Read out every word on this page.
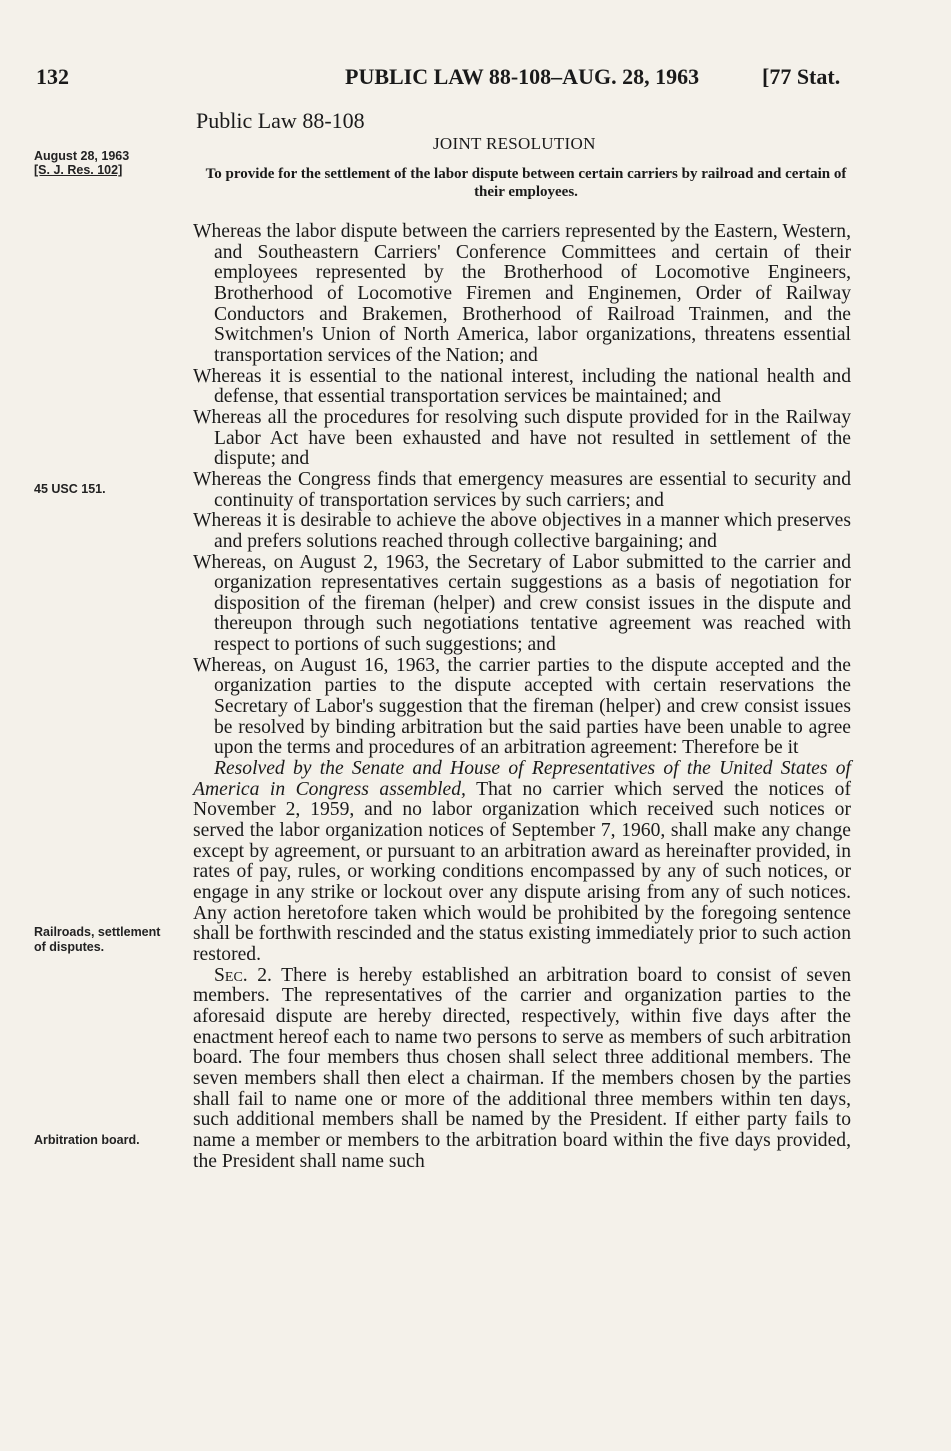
132	PUBLIC LAW 88-108–AUG. 28, 1963	[77 Stat.
Public Law 88-108
JOINT RESOLUTION
August 28, 1963
[S. J. Res. 102]
45 USC 151.
Railroads, settlement of disputes.
Arbitration board.
To provide for the settlement of the labor dispute between certain carriers by railroad and certain of their employees.

Whereas the labor dispute between the carriers represented by the Eastern, Western, and Southeastern Carriers' Conference Committees and certain of their employees represented by the Brotherhood of Locomotive Engineers, Brotherhood of Locomotive Firemen and Enginemen, Order of Railway Conductors and Brakemen, Brotherhood of Railroad Trainmen, and the Switchmen's Union of North America, labor organizations, threatens essential transportation services of the Nation; and

Whereas it is essential to the national interest, including the national health and defense, that essential transportation services be maintained; and

Whereas all the procedures for resolving such dispute provided for in the Railway Labor Act have been exhausted and have not resulted in settlement of the dispute; and

Whereas the Congress finds that emergency measures are essential to security and continuity of transportation services by such carriers; and

Whereas it is desirable to achieve the above objectives in a manner which preserves and prefers solutions reached through collective bargaining; and

Whereas, on August 2, 1963, the Secretary of Labor submitted to the carrier and organization representatives certain suggestions as a basis of negotiation for disposition of the fireman (helper) and crew consist issues in the dispute and thereupon through such negotiations tentative agreement was reached with respect to portions of such suggestions; and

Whereas, on August 16, 1963, the carrier parties to the dispute accepted and the organization parties to the dispute accepted with certain reservations the Secretary of Labor's suggestion that the fireman (helper) and crew consist issues be resolved by binding arbitration but the said parties have been unable to agree upon the terms and procedures of an arbitration agreement: Therefore be it

Resolved by the Senate and House of Representatives of the United States of America in Congress assembled, That no carrier which served the notices of November 2, 1959, and no labor organization which received such notices or served the labor organization notices of September 7, 1960, shall make any change except by agreement, or pursuant to an arbitration award as hereinafter provided, in rates of pay, rules, or working conditions encompassed by any of such notices, or engage in any strike or lockout over any dispute arising from any of such notices. Any action heretofore taken which would be prohibited by the foregoing sentence shall be forthwith rescinded and the status existing immediately prior to such action restored.

Sec. 2. There is hereby established an arbitration board to consist of seven members. The representatives of the carrier and organization parties to the aforesaid dispute are hereby directed, respectively, within five days after the enactment hereof each to name two persons to serve as members of such arbitration board. The four members thus chosen shall select three additional members. The seven members shall then elect a chairman. If the members chosen by the parties shall fail to name one or more of the additional three members within ten days, such additional members shall be named by the President. If either party fails to name a member or members to the arbitration board within the five days provided, the President shall name such
